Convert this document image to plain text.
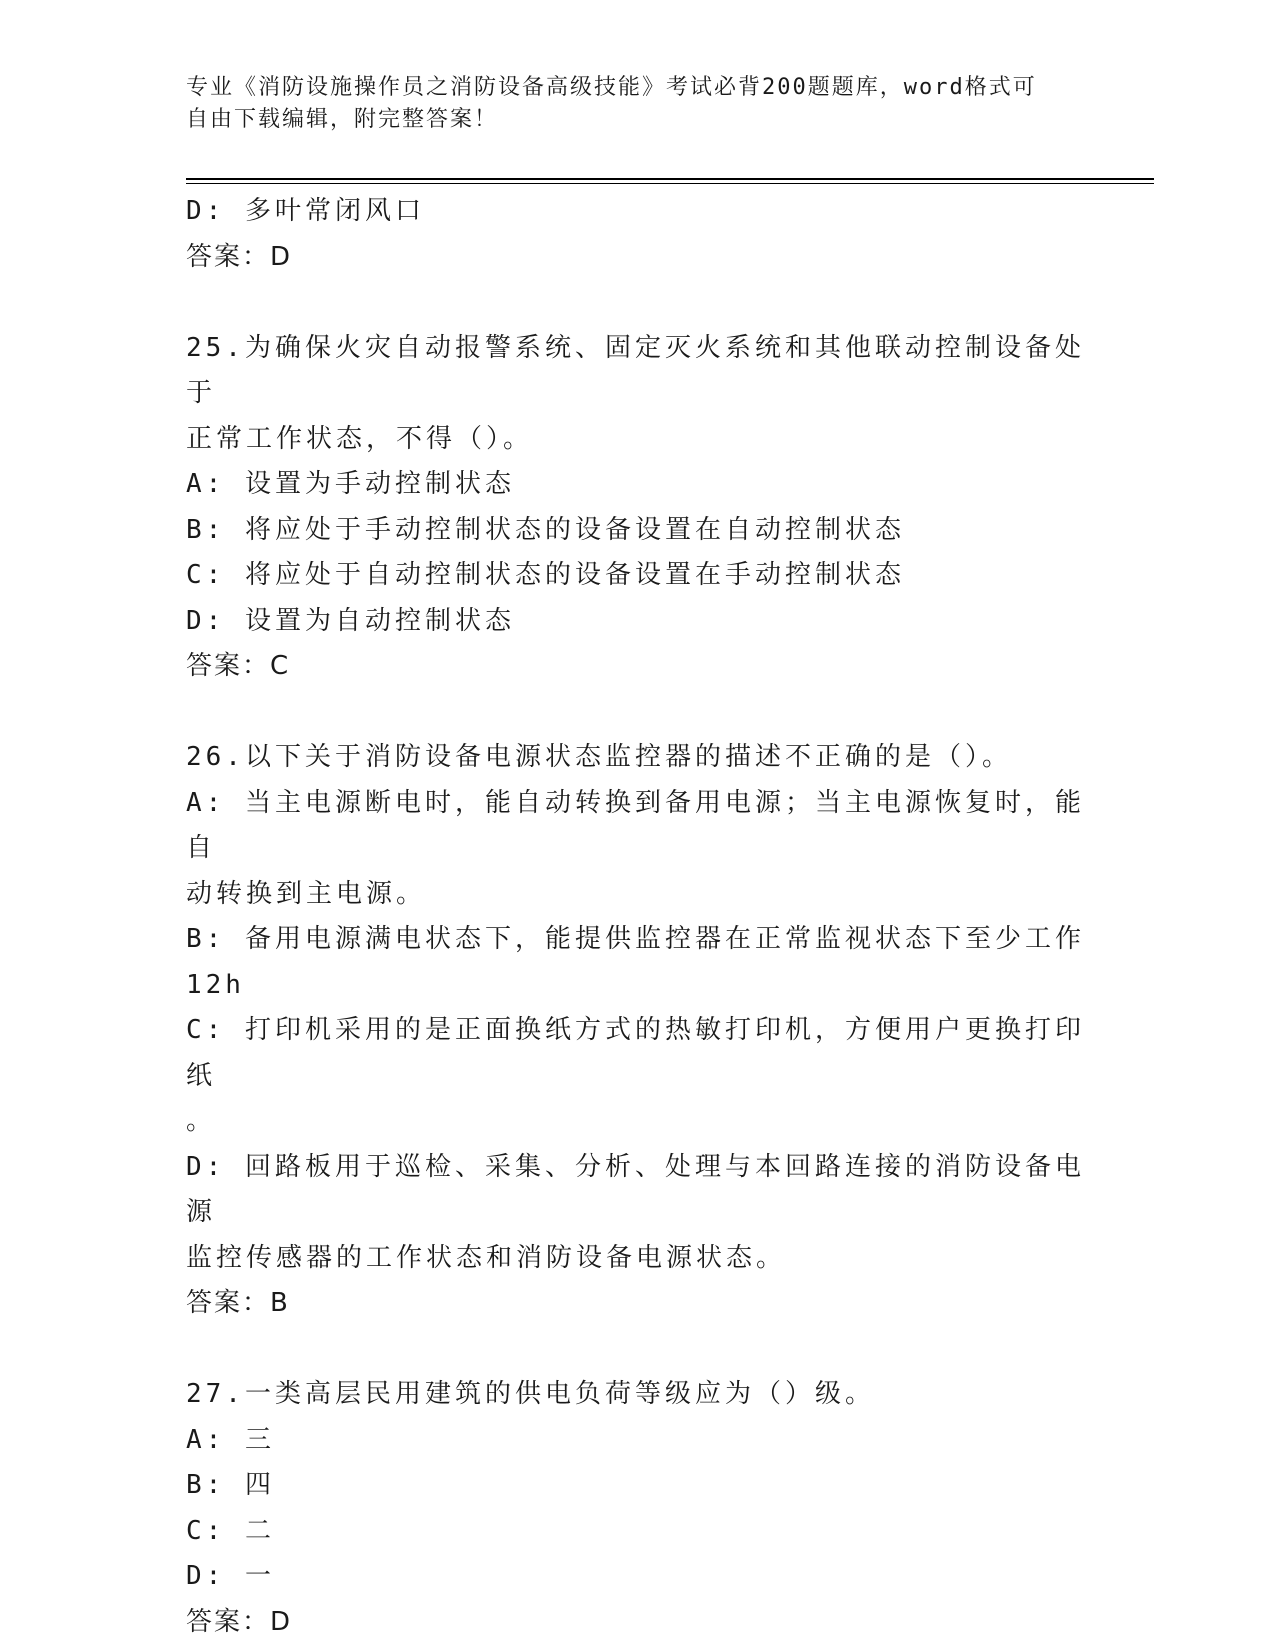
专业《消防设施操作员之消防设备高级技能》考试必背200题题库，word格式可
自由下载编辑，附完整答案！

D: 多叶常闭风口

答案：D

25.为确保火灾自动报警系统、固定灭火系统和其他联动控制设备处于

正常工作状态，不得（）。

A: 设置为手动控制状态

B: 将应处于手动控制状态的设备设置在自动控制状态

C: 将应处于自动控制状态的设备设置在手动控制状态

D: 设置为自动控制状态

答案：C

26.以下关于消防设备电源状态监控器的描述不正确的是（）。

A: 当主电源断电时，能自动转换到备用电源；当主电源恢复时，能自

动转换到主电源。

B: 备用电源满电状态下，能提供监控器在正常监视状态下至少工作

12h

C: 打印机采用的是正面换纸方式的热敏打印机，方便用户更换打印纸

。

D: 回路板用于巡检、采集、分析、处理与本回路连接的消防设备电源

监控传感器的工作状态和消防设备电源状态。

答案：B

27.一类高层民用建筑的供电负荷等级应为（）级。

A: 三

B: 四

C: 二

D: 一

答案：D
